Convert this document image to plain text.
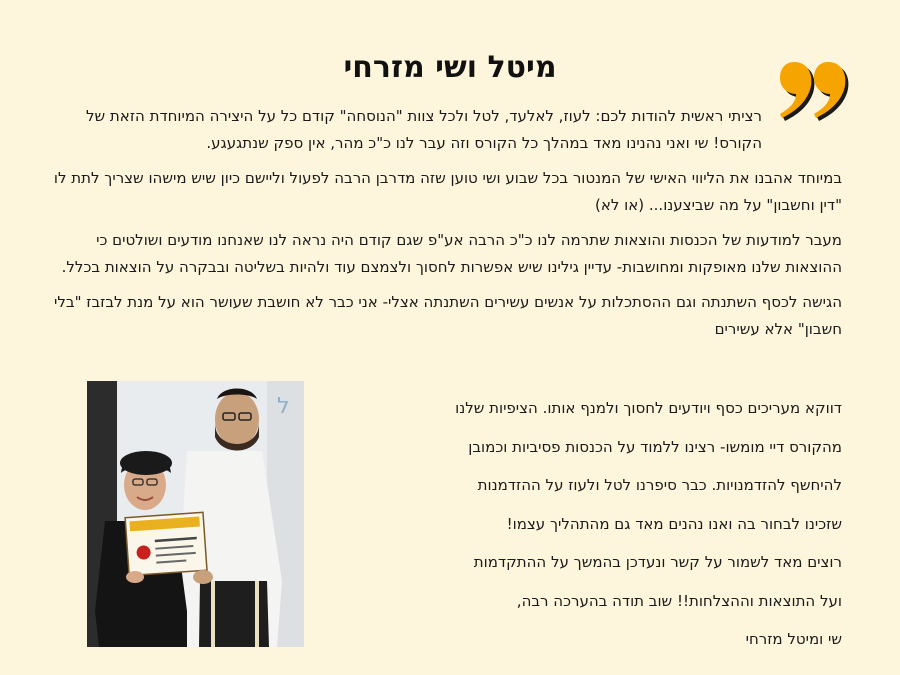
מיטל ושי מזרחי

רציתי ראשית להודות לכם: לעוז, לאלעד, לטל ולכל צוות "הנוסחה" קודם כל על היצירה המיוחדת הזאת של הקורס! שי ואני נהנינו מאד במהלך כל הקורס וזה עבר לנו כ"כ מהר, אין ספק שנתגעגע.

במיוחד אהבנו את הליווי האישי של המנטור בכל שבוע ושי טוען שזה מדרבן הרבה לפעול וליישם כיון שיש מישהו שצריך לתת לו "דין וחשבון" על מה שביצענו... (או לא)

מעבר למודעות של הכנסות והוצאות שתרמה לנו כ"כ הרבה אע"פ שגם קודם היה נראה לנו שאנחנו מודעים ושולטים כי ההוצאות שלנו מאופקות ומחושבות- עדיין גילינו שיש אפשרות לחסוך ולצמצם עוד ולהיות בשליטה ובבקרה על הוצאות בכלל.

הגישה לכסף השתנתה וגם ההסתכלות על אנשים עשירים השתנתה אצלי- אני כבר לא חושבת שעושר הוא על מנת לבזבז "בלי חשבון" אלא עשירים

דווקא מעריכים כסף ויודעים לחסוך ולמנף אותו. הציפיות שלנו
מהקורס דיי מומשו- רצינו ללמוד על הכנסות פסיביות וכמובן
להיחשף להזדמנויות. כבר סיפרנו לטל ולעוז על ההזדמנות
שזכינו לבחור בה ואנו נהנים מאד גם מהתהליך עצמו!
רוצים מאד לשמור על קשר ונעדכן בהמשך על ההתקדמות
ועל התוצאות וההצלחות!! שוב תודה בהערכה רבה,
שי ומיטל מזרחי
ל
